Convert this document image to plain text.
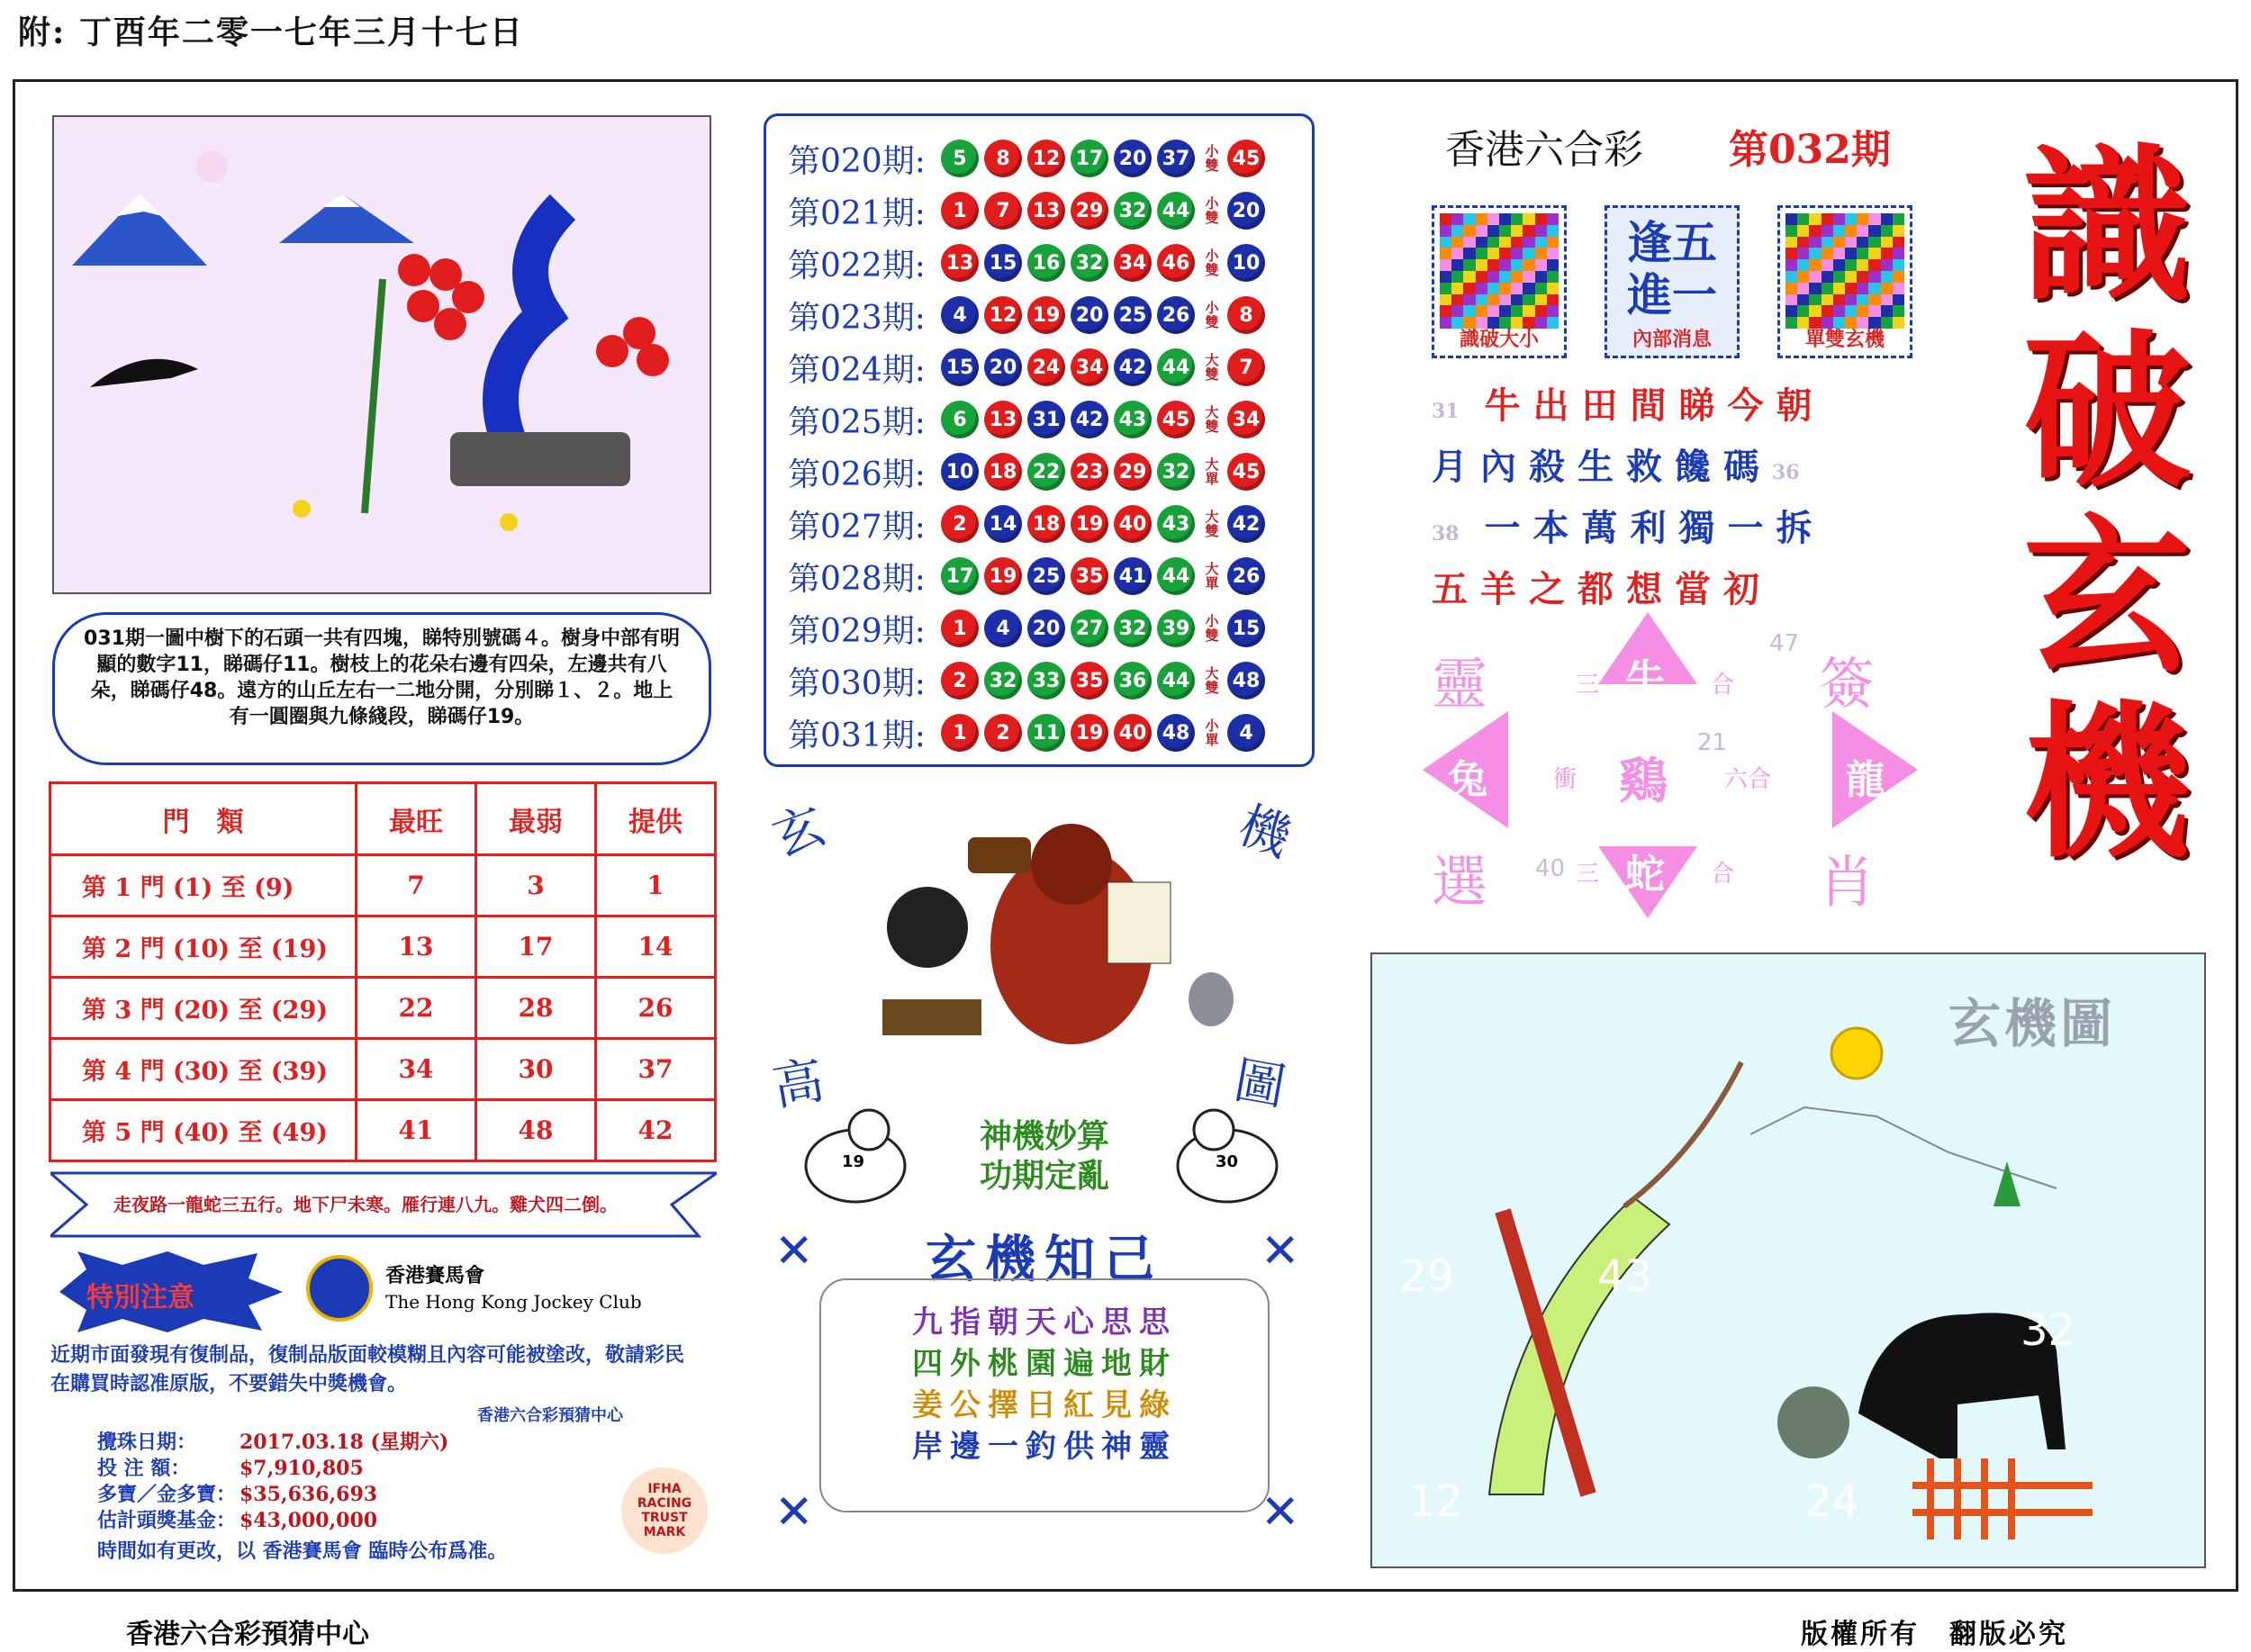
附: 丁酉年二零一七年三月十七日
031期一圖中樹下的石頭一共有四塊，睇特別號碼４。樹身中部有明顯的數字11，睇碼仔11。樹枝上的花朵右邊有四朵，左邊共有八朵，睇碼仔48。遠方的山丘左右一二地分開，分別睇１、２。地上有一圓圈與九條綫段，睇碼仔19。
門　類	最旺	最弱	提供
第 1 門 (1) 至 (9)	7	3	1
第 2 門 (10) 至 (19)	13	17	14
第 3 門 (20) 至 (29)	22	28	26
第 4 門 (30) 至 (39)	34	30	37
第 5 門 (40) 至 (49)	41	48	42
走夜路一龍蛇三五行。地下尸未寒。雁行連八九。雞犬四二倒。
特別注意
香港賽馬會
The Hong Kong Jockey Club
近期市面發現有復制品，復制品版面較模糊且內容可能被塗改，敬請彩民在購買時認准原版，不要錯失中獎機會。
香港六合彩預猜中心
攪珠日期： 2017.03.18 (星期六)
投 注 額： $7,910,805
多寶／金多寶： $35,636,693
估計頭獎基金： $43,000,000
時間如有更改，以 香港賽馬會 臨時公布爲准。
IFHA RACING TRUST MARK
第020期:	5	8	12 17 20 37	小雙 45
第021期:	1	7	13 29 32 44	小雙 20
第022期:	13 15 16 32 34 46	小雙 10
第023期:	4	12 19 20 25 26	小雙	8
第024期:	15 20 24 34 42 44	大雙	7
第025期:	6	13 31 42 43 45	大雙 34
第026期:	10 18 22 23 29 32	大單 45
第027期:	2	14 18 19 40 43	大雙 42
第028期:	17 19 25 35 41 44	大單 26
第029期:	1	4	20 27 32 39	小雙 15
第030期:	2	32 33 35 36 44	大雙 48
第031期:	1	2	11 19 40 48	小單	4
玄	機
高	圖
19	30
神機妙算
功期定亂
玄機知己
✕	✕
✕	✕
九指朝天心思思
四外桃園遍地財
姜公擇日紅見綠
岸邊一釣供神靈
香港六合彩 第032期
識破大小
逢五
進一
內部消息	單雙玄機
31 牛出田間睇今朝
月內殺生救饞碼36
38 一本萬利獨一拆
五羊之都想當初
靈
選
簽
肖
牛
鷄
兔	龍
蛇
47
21
40
合
六合
合
三
三
衝
識
破
玄
機
玄機圖
29	43
32
12	24
香港六合彩預猜中心	版權所有　翻版必究
